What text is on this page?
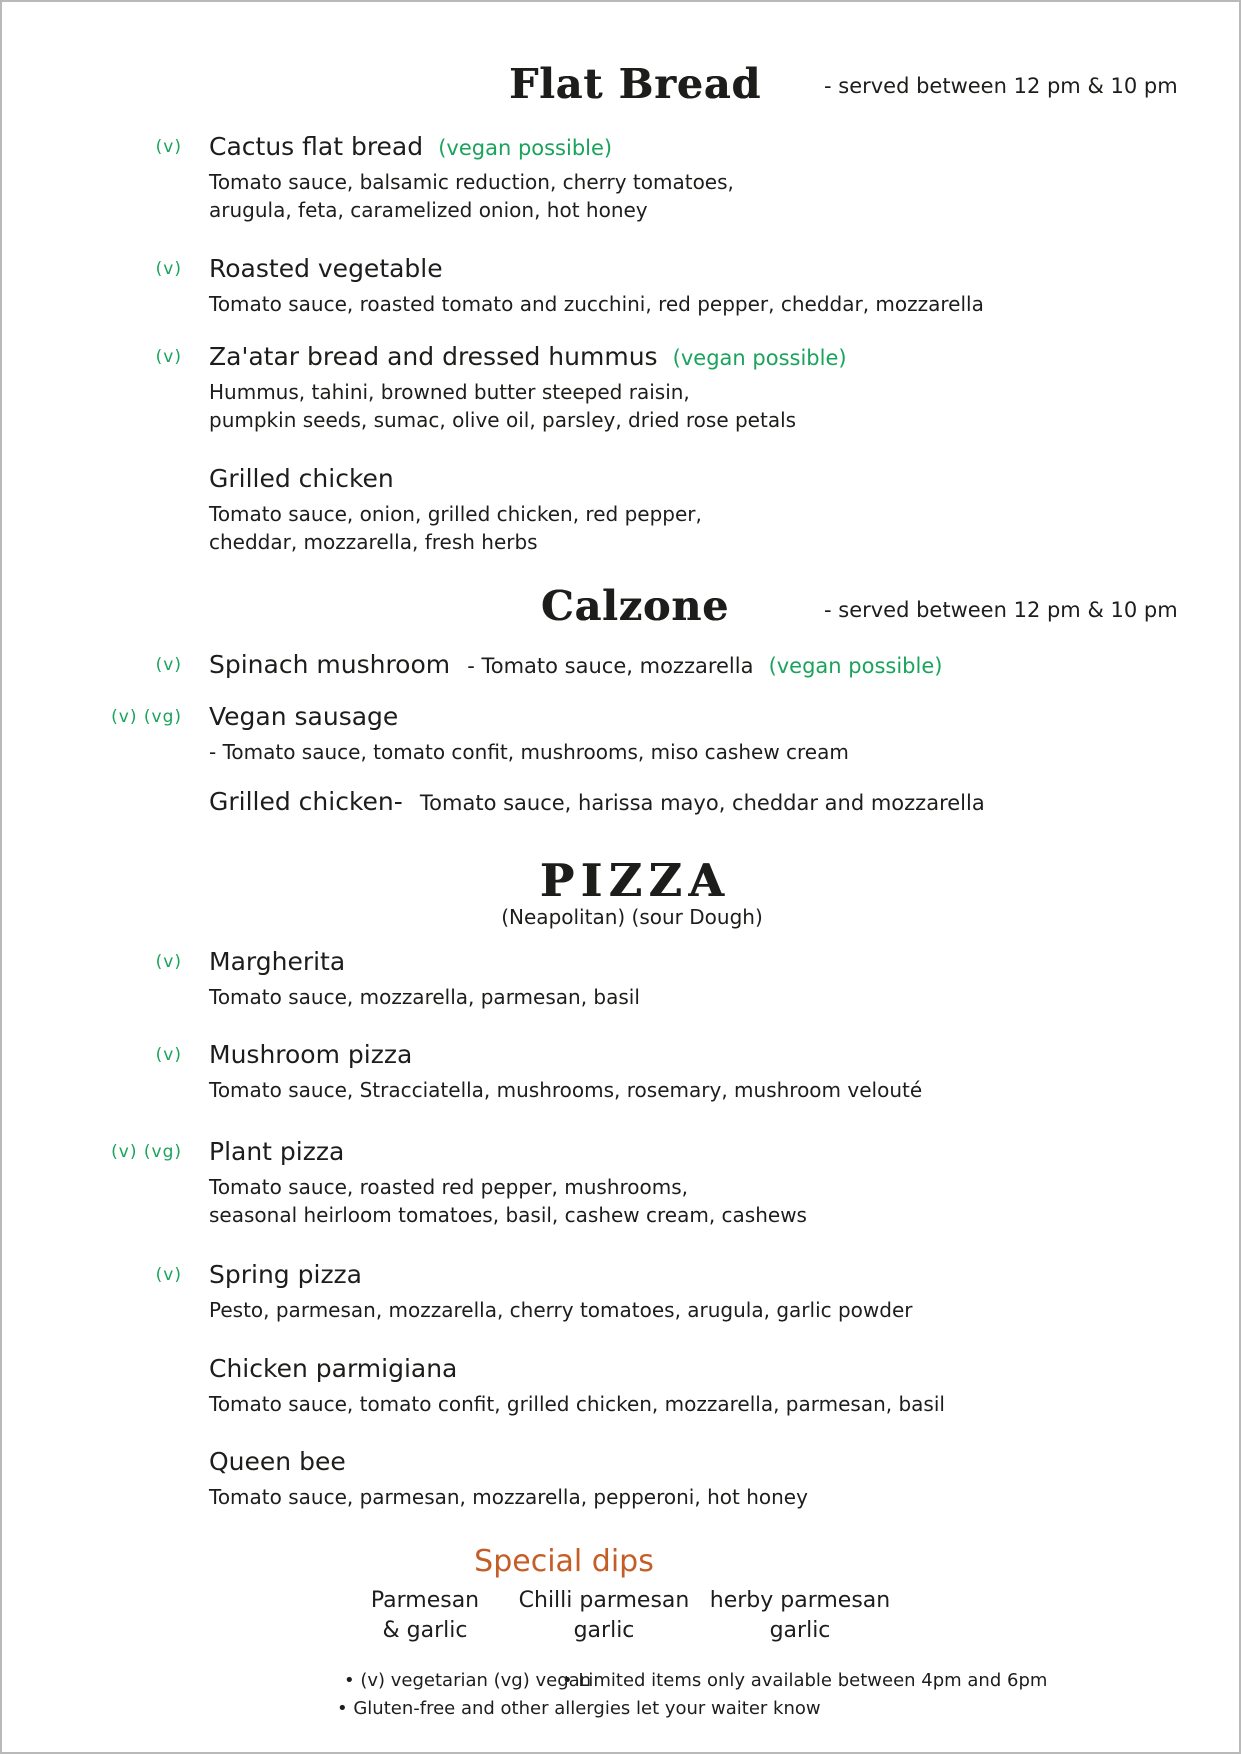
Flat Bread	- served between 12 pm & 10 pm
(v) Cactus flat bread (vegan possible)
Tomato sauce, balsamic reduction, cherry tomatoes,
arugula, feta, caramelized onion, hot honey
(v) Roasted vegetable
Tomato sauce, roasted tomato and zucchini, red pepper, cheddar, mozzarella
(v) Za'atar bread and dressed hummus (vegan possible)
Hummus, tahini, browned butter steeped raisin,
pumpkin seeds, sumac, olive oil, parsley, dried rose petals
Grilled chicken
Tomato sauce, onion, grilled chicken, red pepper,
cheddar, mozzarella, fresh herbs
Calzone	- served between 12 pm & 10 pm
(v) Spinach mushroom - Tomato sauce, mozzarella (vegan possible)
(v) (vg) Vegan sausage
- Tomato sauce, tomato confit, mushrooms, miso cashew cream
Grilled chicken- Tomato sauce, harissa mayo, cheddar and mozzarella
PIZZA
(Neapolitan) (sour Dough)
(v) Margherita
Tomato sauce, mozzarella, parmesan, basil
(v) Mushroom pizza
Tomato sauce, Stracciatella, mushrooms, rosemary, mushroom velouté
(v) (vg) Plant pizza
Tomato sauce, roasted red pepper, mushrooms,
seasonal heirloom tomatoes, basil, cashew cream, cashews
(v) Spring pizza
Pesto, parmesan, mozzarella, cherry tomatoes, arugula, garlic powder
Chicken parmigiana
Tomato sauce, tomato confit, grilled chicken, mozzarella, parmesan, basil
Queen bee
Tomato sauce, parmesan, mozzarella, pepperoni, hot honey
Special dips
Parmesan
& garlic
Chilli parmesan
garlic
herby parmesan
garlic
• (v) vegetarian (vg) vegan
• Limited items only available between 4pm and 6pm
• Gluten-free and other allergies let your waiter know
